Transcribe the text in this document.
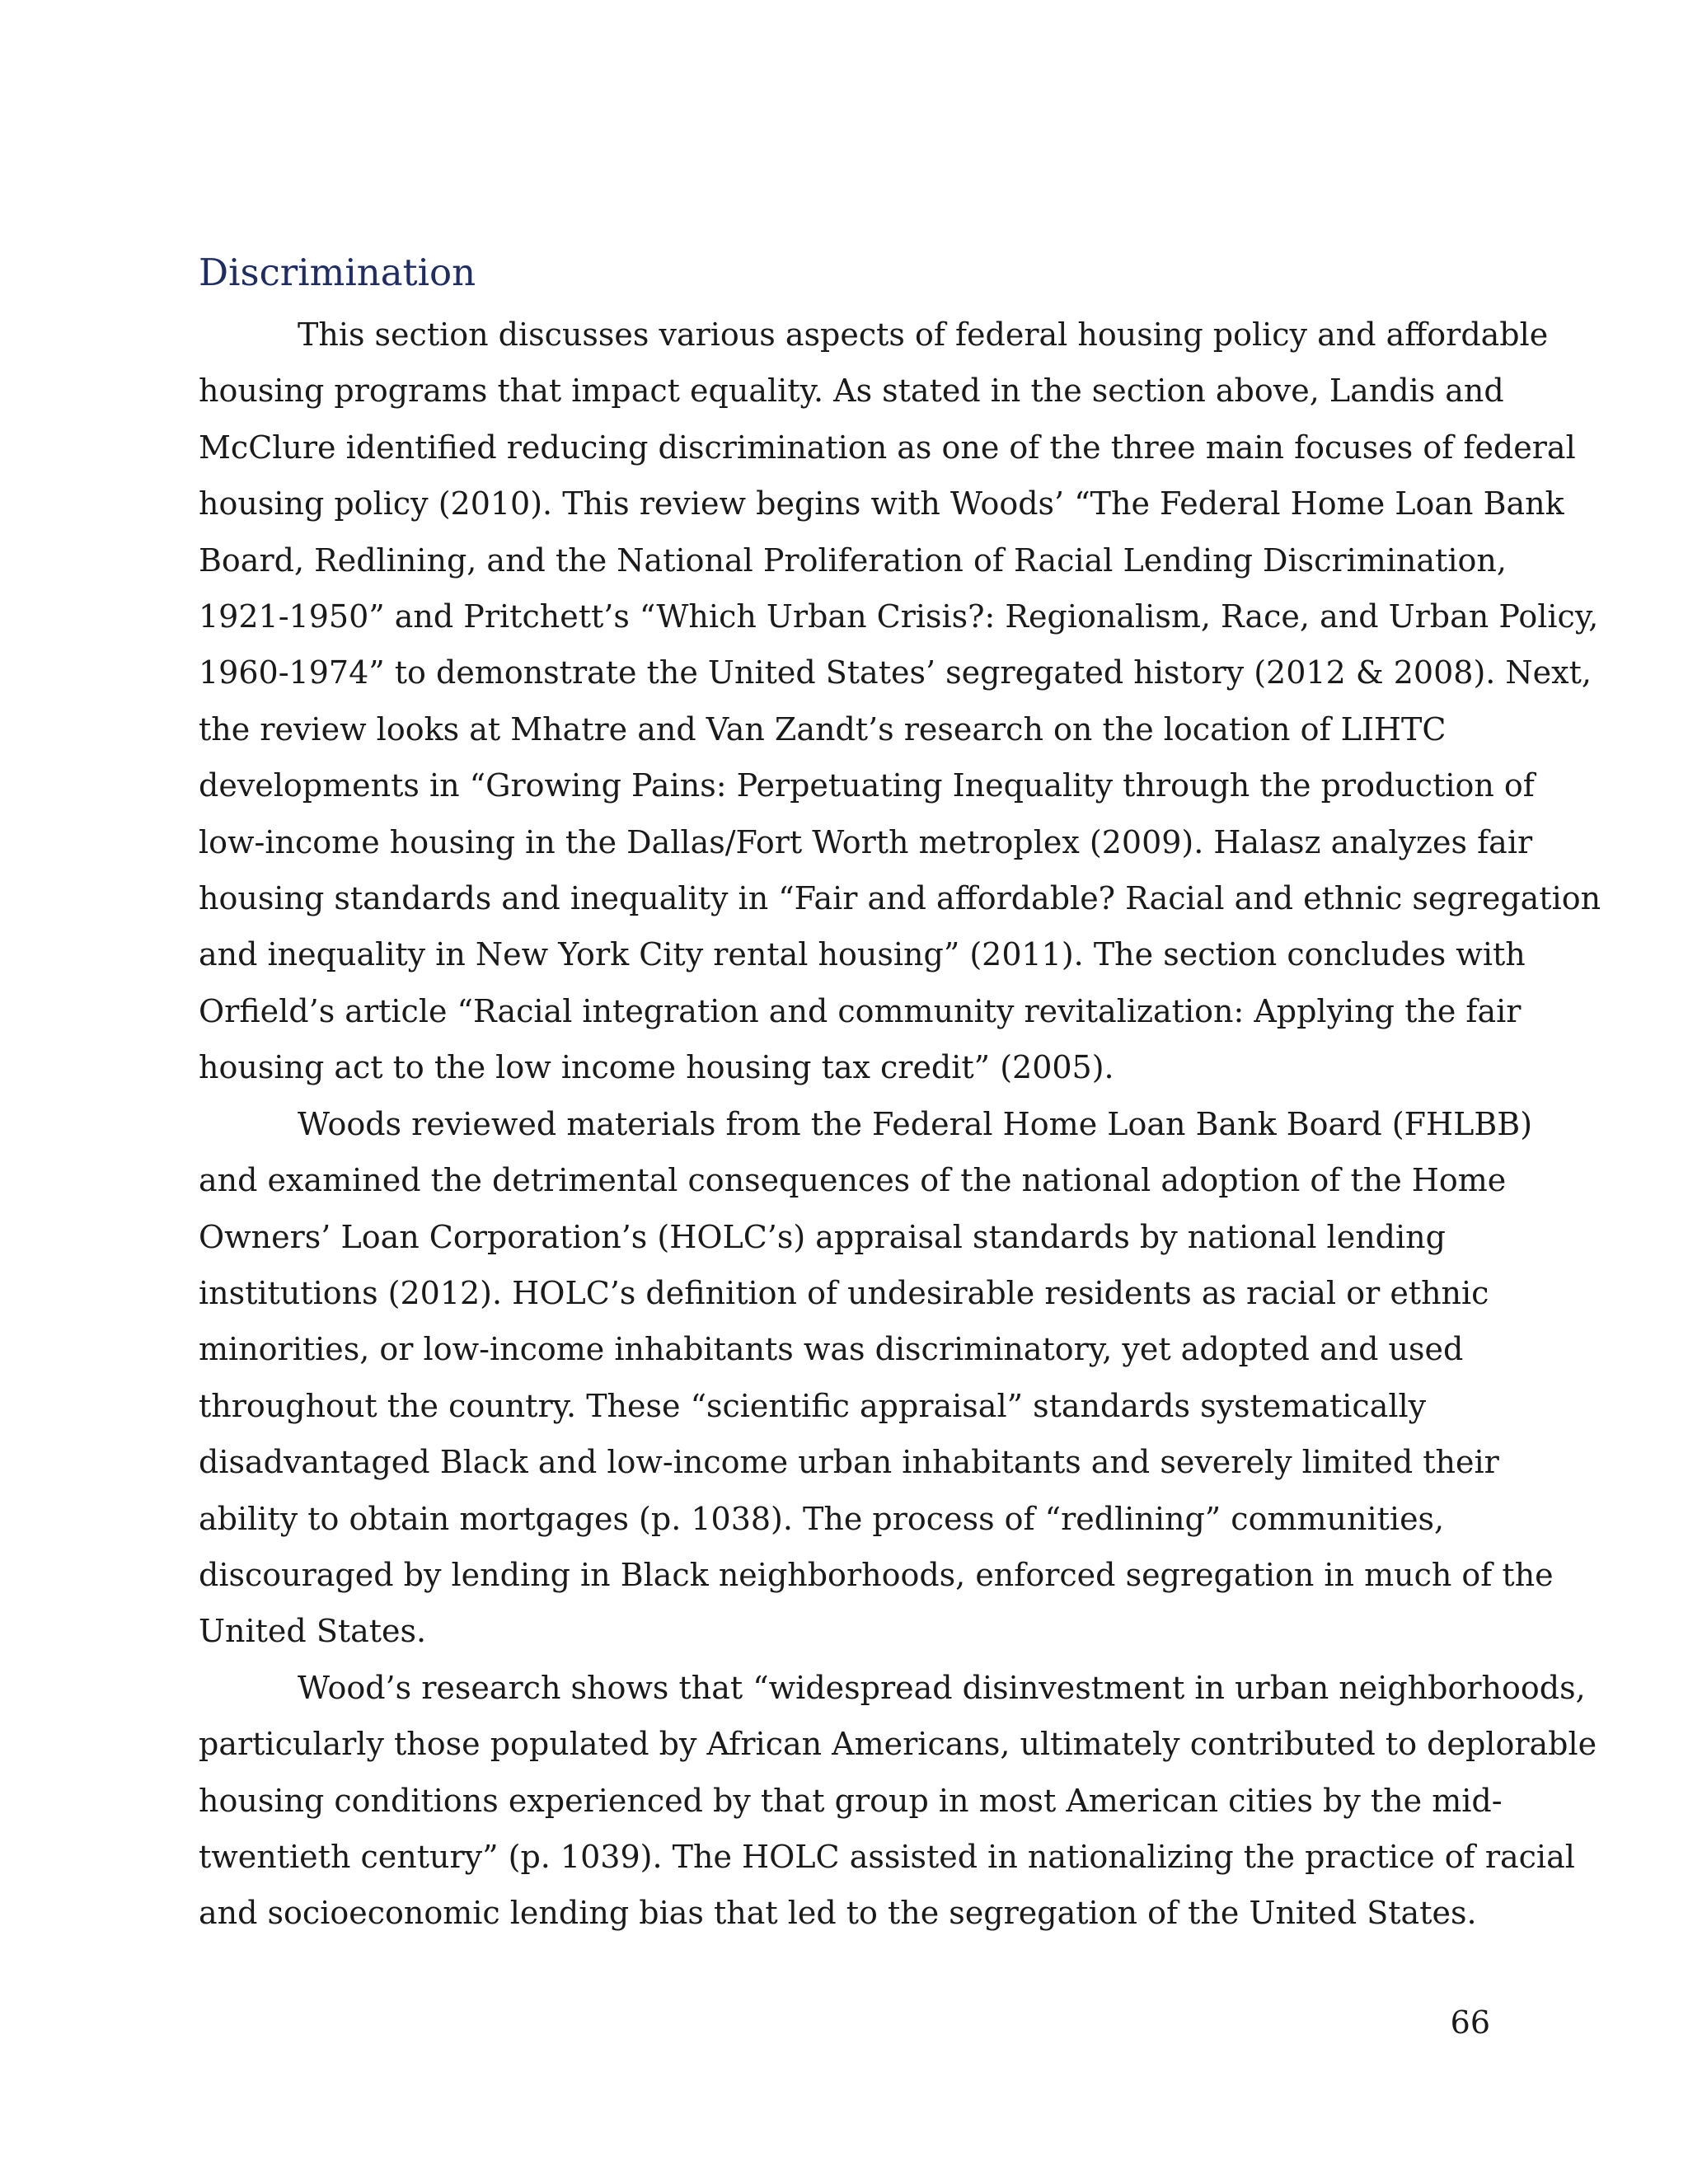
Discrimination

This section discusses various aspects of federal housing policy and affordable
housing programs that impact equality. As stated in the section above, Landis and
McClure identified reducing discrimination as one of the three main focuses of federal
housing policy (2010). This review begins with Woods’ “The Federal Home Loan Bank
Board, Redlining, and the National Proliferation of Racial Lending Discrimination,
1921-1950” and Pritchett’s “Which Urban Crisis?: Regionalism, Race, and Urban Policy,
1960-1974” to demonstrate the United States’ segregated history (2012 & 2008). Next,
the review looks at Mhatre and Van Zandt’s research on the location of LIHTC
developments in “Growing Pains: Perpetuating Inequality through the production of
low-income housing in the Dallas/Fort Worth metroplex (2009). Halasz analyzes fair
housing standards and inequality in “Fair and affordable? Racial and ethnic segregation
and inequality in New York City rental housing” (2011). The section concludes with
Orfield’s article “Racial integration and community revitalization: Applying the fair
housing act to the low income housing tax credit” (2005).

Woods reviewed materials from the Federal Home Loan Bank Board (FHLBB)
and examined the detrimental consequences of the national adoption of the Home
Owners’ Loan Corporation’s (HOLC’s) appraisal standards by national lending
institutions (2012). HOLC’s definition of undesirable residents as racial or ethnic
minorities, or low-income inhabitants was discriminatory, yet adopted and used
throughout the country. These “scientific appraisal” standards systematically
disadvantaged Black and low-income urban inhabitants and severely limited their
ability to obtain mortgages (p. 1038). The process of “redlining” communities,
discouraged by lending in Black neighborhoods, enforced segregation in much of the
United States.

Wood’s research shows that “widespread disinvestment in urban neighborhoods,
particularly those populated by African Americans, ultimately contributed to deplorable
housing conditions experienced by that group in most American cities by the mid-
twentieth century” (p. 1039). The HOLC assisted in nationalizing the practice of racial
and socioeconomic lending bias that led to the segregation of the United States.

66
